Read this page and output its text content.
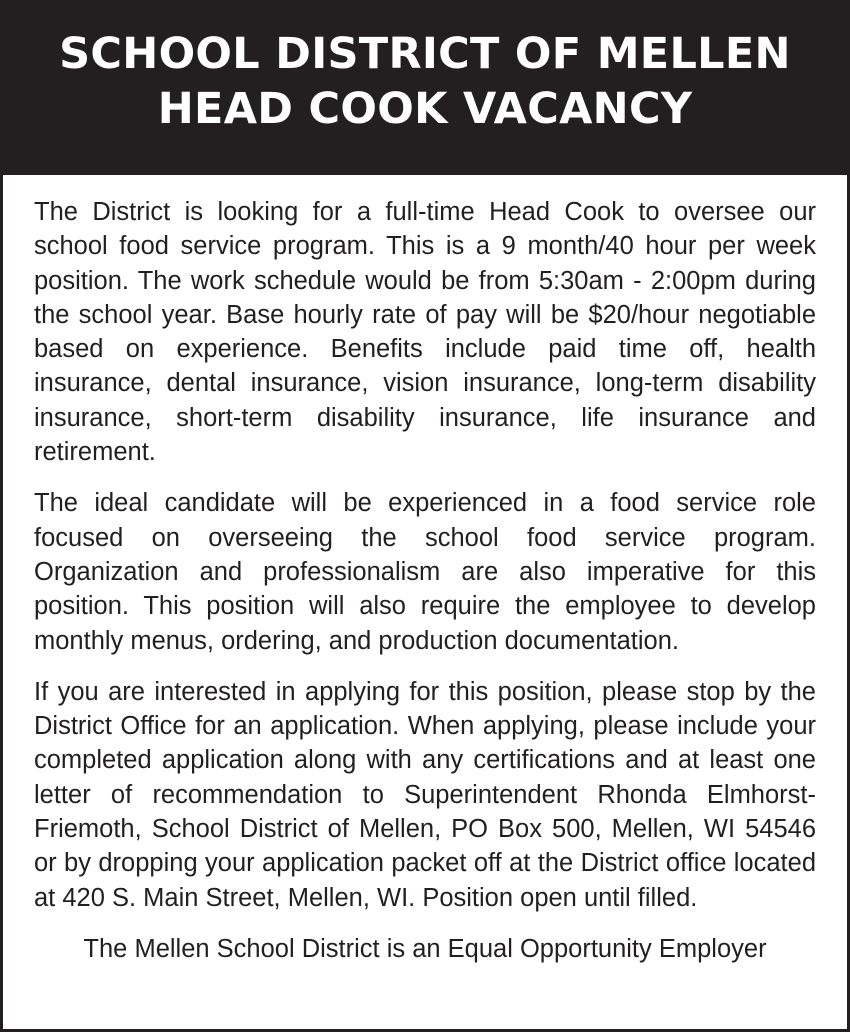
SCHOOL DISTRICT OF MELLEN
HEAD COOK VACANCY

The District is looking for a full-time Head Cook to oversee our school food service program. This is a 9 month/40 hour per week position. The work schedule would be from 5:30am - 2:00pm during the school year. Base hourly rate of pay will be $20/hour negotiable based on experience. Benefits include paid time off, health insurance, dental insurance, vision insurance, long-term disability insurance, short-term disability insurance, life insurance and retirement.

The ideal candidate will be experienced in a food service role focused on overseeing the school food service program. Organization and professionalism are also imperative for this position. This position will also require the employee to develop monthly menus, ordering, and production documentation.

If you are interested in applying for this position, please stop by the District Office for an application. When applying, please include your completed application along with any certifications and at least one letter of recommendation to Superintendent Rhonda Elmhorst-Friemoth, School District of Mellen, PO Box 500, Mellen, WI 54546 or by dropping your application packet off at the District office located at 420 S. Main Street, Mellen, WI. Position open until filled.

The Mellen School District is an Equal Opportunity Employer
